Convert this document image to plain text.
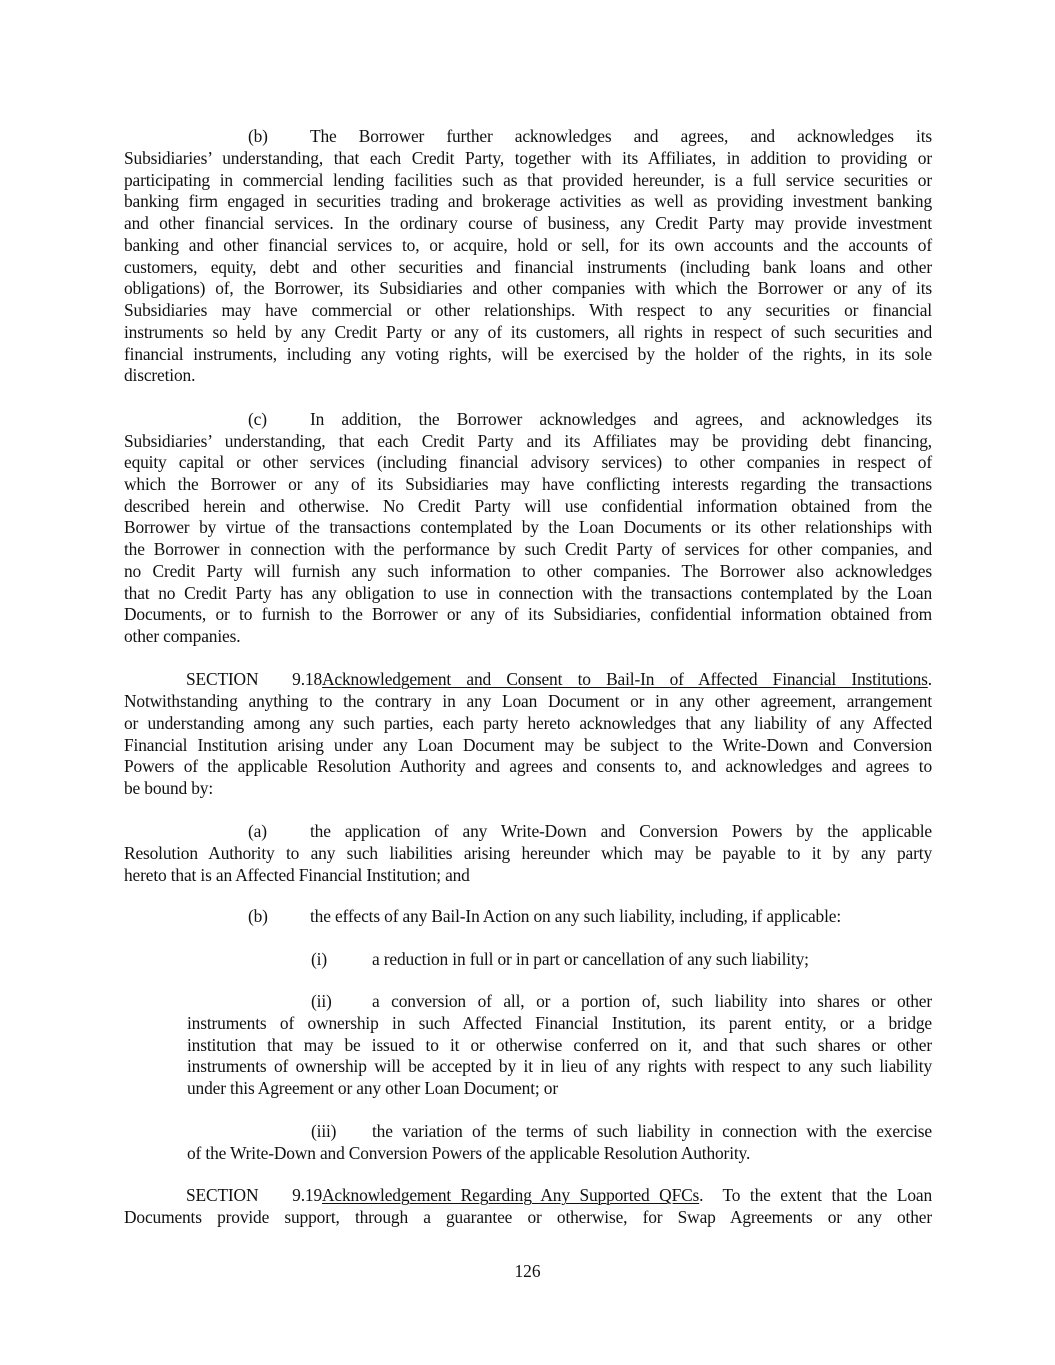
(b) The Borrower further acknowledges and agrees, and acknowledges its
Subsidiaries’ understanding, that each Credit Party, together with its Affiliates, in addition to providing or
participating in commercial lending facilities such as that provided hereunder, is a full service securities or
banking firm engaged in securities trading and brokerage activities as well as providing investment banking
and other financial services. In the ordinary course of business, any Credit Party may provide investment
banking and other financial services to, or acquire, hold or sell, for its own accounts and the accounts of
customers, equity, debt and other securities and financial instruments (including bank loans and other
obligations) of, the Borrower, its Subsidiaries and other companies with which the Borrower or any of its
Subsidiaries may have commercial or other relationships. With respect to any securities or financial
instruments so held by any Credit Party or any of its customers, all rights in respect of such securities and
financial instruments, including any voting rights, will be exercised by the holder of the rights, in its sole
discretion.
(c) In addition, the Borrower acknowledges and agrees, and acknowledges its
Subsidiaries’ understanding, that each Credit Party and its Affiliates may be providing debt financing,
equity capital or other services (including financial advisory services) to other companies in respect of
which the Borrower or any of its Subsidiaries may have conflicting interests regarding the transactions
described herein and otherwise. No Credit Party will use confidential information obtained from the
Borrower by virtue of the transactions contemplated by the Loan Documents or its other relationships with
the Borrower in connection with the performance by such Credit Party of services for other companies, and
no Credit Party will furnish any such information to other companies. The Borrower also acknowledges
that no Credit Party has any obligation to use in connection with the transactions contemplated by the Loan
Documents, or to furnish to the Borrower or any of its Subsidiaries, confidential information obtained from
other companies.
SECTION 9.18Acknowledgement and Consent to Bail-In of Affected Financial Institutions.
Notwithstanding anything to the contrary in any Loan Document or in any other agreement, arrangement
or understanding among any such parties, each party hereto acknowledges that any liability of any Affected
Financial Institution arising under any Loan Document may be subject to the Write-Down and Conversion
Powers of the applicable Resolution Authority and agrees and consents to, and acknowledges and agrees to
be bound by:
(a) the application of any Write-Down and Conversion Powers by the applicable
Resolution Authority to any such liabilities arising hereunder which may be payable to it by any party
hereto that is an Affected Financial Institution; and
(b) the effects of any Bail-In Action on any such liability, including, if applicable:
(i)	a reduction in full or in part or cancellation of any such liability;
(ii) a conversion of all, or a portion of, such liability into shares or other
instruments of ownership in such Affected Financial Institution, its parent entity, or a bridge
institution that may be issued to it or otherwise conferred on it, and that such shares or other
instruments of ownership will be accepted by it in lieu of any rights with respect to any such liability
under this Agreement or any other Loan Document; or
(iii) the variation of the terms of such liability in connection with the exercise
of the Write-Down and Conversion Powers of the applicable Resolution Authority.
SECTION 9.19Acknowledgement Regarding Any Supported QFCs. To the extent that the Loan
Documents provide support, through a guarantee or otherwise, for Swap Agreements or any other
126
